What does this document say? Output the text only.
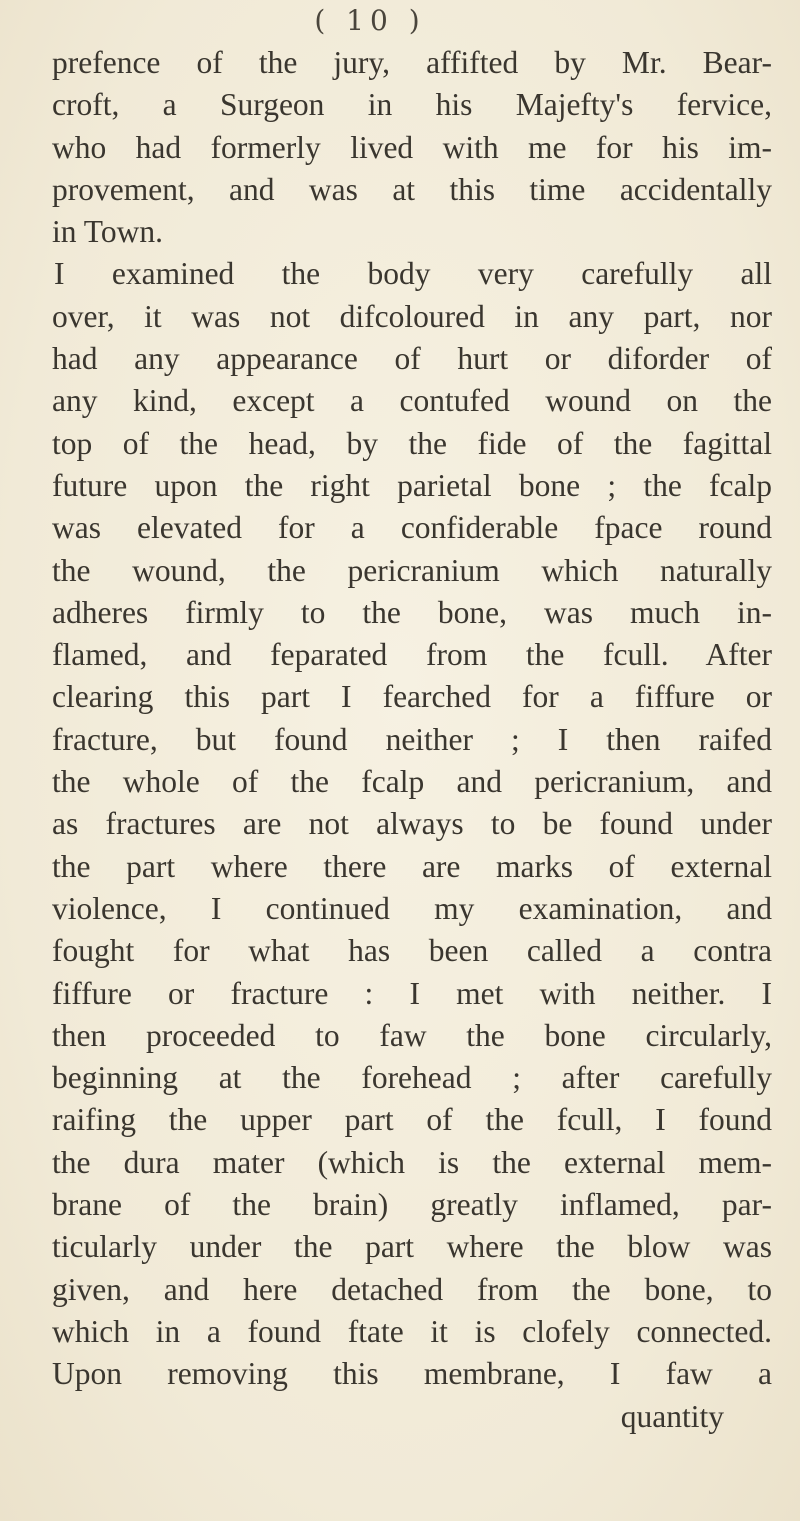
( 10 )
prefence of the jury, affifted by Mr. Bear-
croft, a Surgeon in his Majefty's fervice,
who had formerly lived with me for his im-
provement, and was at this time accidentally
in Town.
I examined the body very carefully all
over, it was not difcoloured in any part, nor
had any appearance of hurt or diforder of
any kind, except a contufed wound on the
top of the head, by the fide of the fagittal
future upon the right parietal bone ; the fcalp
was elevated for a confiderable fpace round
the wound, the pericranium which naturally
adheres firmly to the bone, was much in-
flamed, and feparated from the fcull. After
clearing this part I fearched for a fiffure or
fracture, but found neither ; I then raifed
the whole of the fcalp and pericranium, and
as fractures are not always to be found under
the part where there are marks of external
violence, I continued my examination, and
fought for what has been called a contra
fiffure or fracture : I met with neither. I
then proceeded to faw the bone circularly,
beginning at the forehead ; after carefully
raifing the upper part of the fcull, I found
the dura mater (which is the external mem-
brane of the brain) greatly inflamed, par-
ticularly under the part where the blow was
given, and here detached from the bone, to
which in a found ftate it is clofely connected.
Upon removing this membrane, I faw a
quantity
